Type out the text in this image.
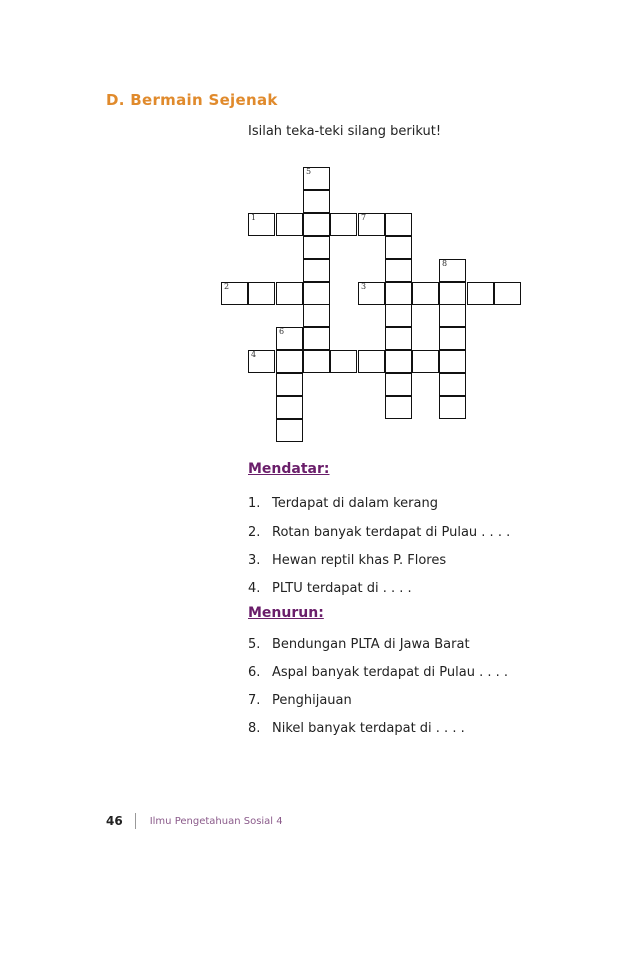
D. Bermain Sejenak
Isilah teka-teki silang berikut!
5
1	7
8
2	3
6
4
Mendatar:
1. Terdapat di dalam kerang
2. Rotan banyak terdapat di Pulau . . . .
3. Hewan reptil khas P. Flores
4. PLTU terdapat di . . . .
Menurun:
5. Bendungan PLTA di Jawa Barat
6. Aspal banyak terdapat di Pulau . . . .
7. Penghijauan
8. Nikel banyak terdapat di . . . .
46	Ilmu Pengetahuan Sosial 4
